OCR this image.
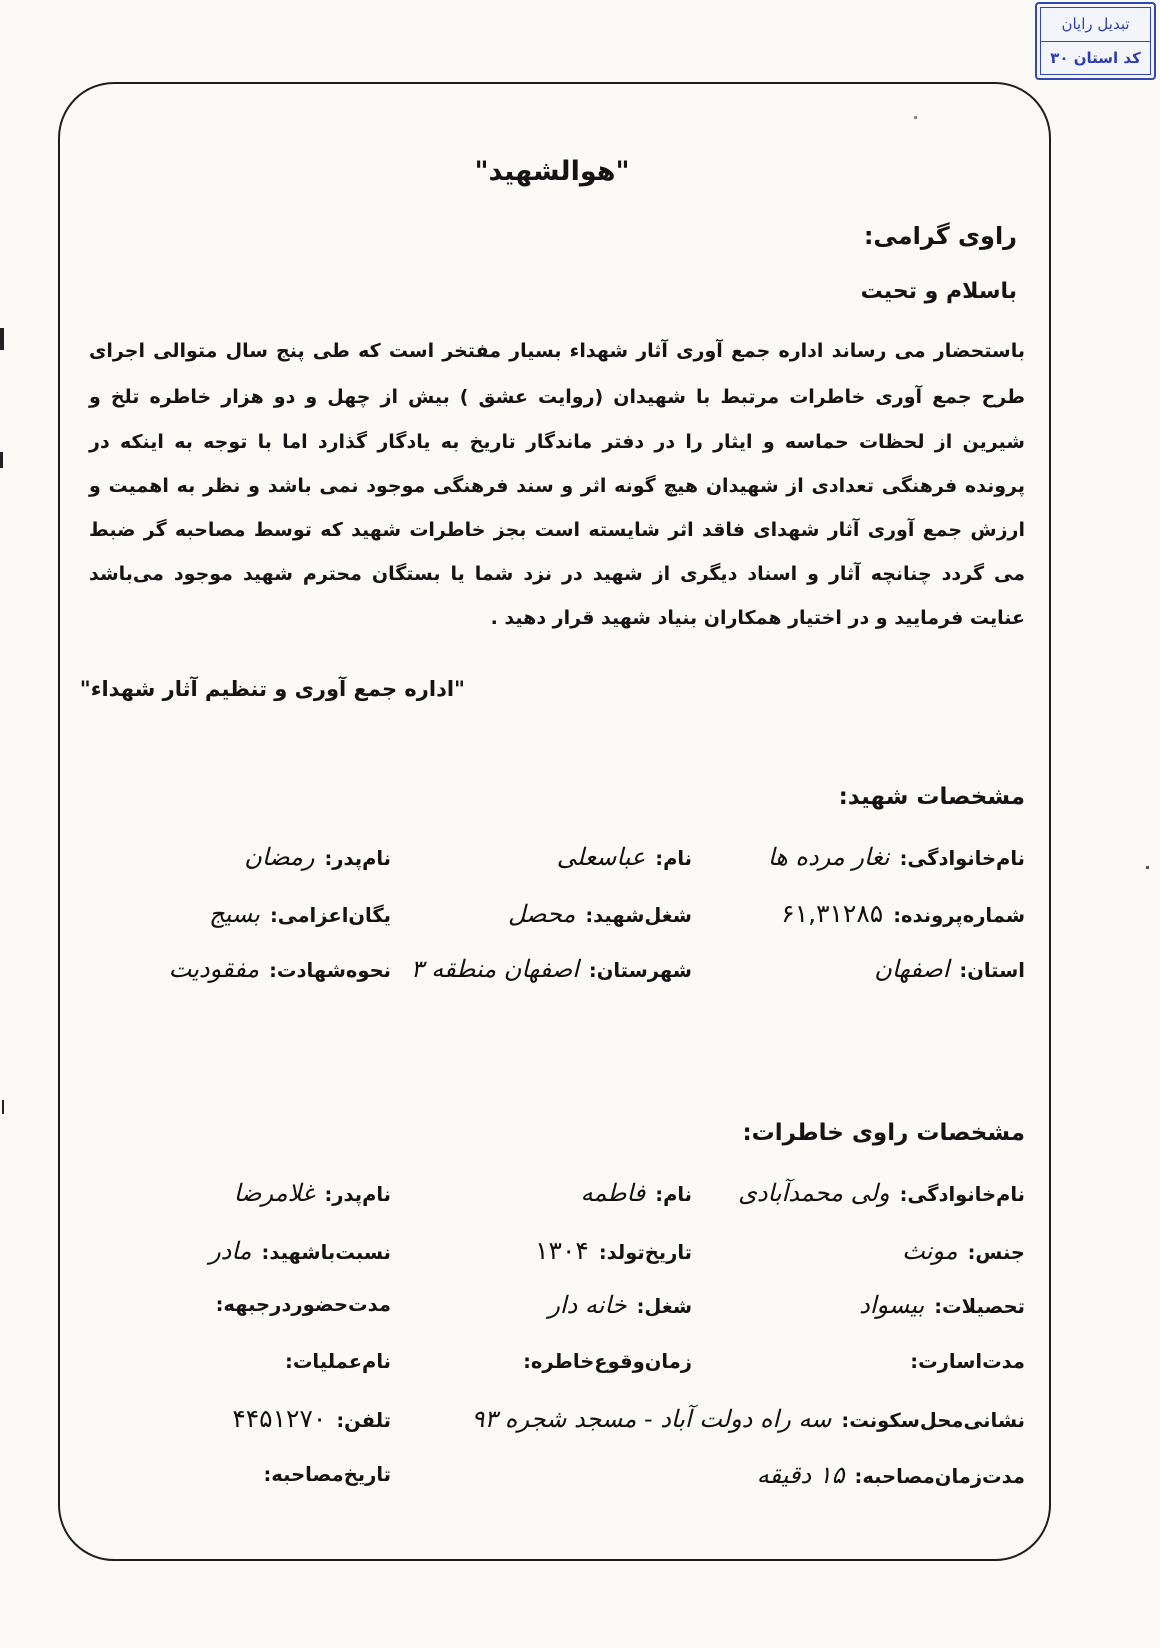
تبدیل رایان
کد استان ۳۰
"هوالشهید"
راوی گرامی:
باسلام و تحیت
باستحضار می رساند اداره جمع آوری آثار شهداء بسیار مفتخر است که طی پنج سال متوالی اجرای
طرح جمع آوری خاطرات مرتبط با شهیدان (روایت عشق ) بیش از چهل و دو هزار خاطره تلخ و
شیرین از لحظات حماسه و ایثار را در دفتر ماندگار تاریخ به یادگار گذارد اما با توجه به اینکه در
پرونده فرهنگی تعدادی از شهیدان هیچ گونه اثر و سند فرهنگی موجود نمی باشد و نظر به اهمیت و
ارزش جمع آوری آثار شهدای فاقد اثر شایسته است بجز خاطرات شهید که توسط مصاحبه گر ضبط
می گردد چنانچه آثار و اسناد دیگری از شهید در نزد شما یا بستگان محترم شهید موجود می‌باشد
عنایت فرمایید و در اختیار همکاران بنیاد شهید قرار دهید .
"اداره جمع آوری و تنظیم آثار شهداء"
مشخصات شهید:
نام‌خانوادگی:
نغار مرده ها
نام:
عباسعلی
نام‌پدر:
رمضان
شماره‌پرونده:
۶۱,۳۱۲۸۵
شغل‌شهید:
محصل
یگان‌اعزامی:
بسیج
استان:
اصفهان
شهرستان:
اصفهان منطقه ۳
نحوه‌شهادت:
مفقودیت
مشخصات راوی خاطرات:
نام‌خانوادگی:
ولی محمدآبادی
نام:
فاطمه
نام‌پدر:
غلامرضا
جنس:
مونث
تاریخ‌تولد:
۱۳۰۴
نسبت‌باشهید:
مادر
تحصیلات:
بیسواد
شغل:
خانه دار
مدت‌حضوردرجبهه:
مدت‌اسارت:
زمان‌وقوع‌خاطره:
نام‌عملیات:
نشانی‌محل‌سکونت:
سه راه دولت آباد - مسجد شجره ۹۳
تلفن:
۴۴۵۱۲۷۰
مدت‌زمان‌مصاحبه:
۱۵ دقیقه
تاریخ‌مصاحبه:
